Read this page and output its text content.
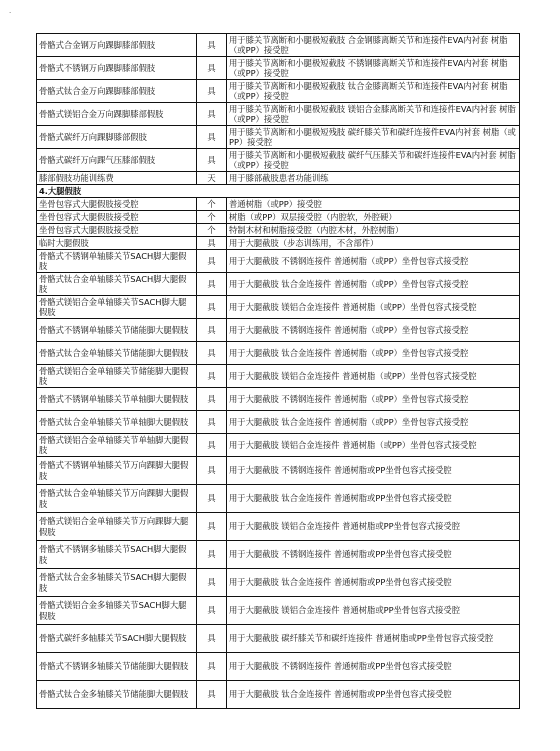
·
骨骼式合金钢万向踝脚膝部假肢	具	用于膝关节离断和小腿极短截肢 合金钢膝离断关节和连接件EVA内衬套 树脂（或PP）接受腔
骨骼式不锈钢万向踝脚膝部假肢	具	用于膝关节离断和小腿极短截肢 不锈钢膝离断关节和连接件EVA内衬套 树脂（或PP）接受腔
骨骼式钛合金万向踝脚膝部假肢	具	用于膝关节离断和小腿极短截肢 钛合金膝离断关节和连接件EVA内衬套 树脂（或PP）接受腔
骨骼式镁铝合金万向踝脚膝部假肢	具	用于膝关节离断和小腿极短截肢 镁铝合金膝离断关节和连接件EVA内衬套 树脂（或PP）接受腔
骨骼式碳纤万向踝脚膝部假肢	具	用于膝关节离断和小腿极短残肢 碳纤膝关节和碳纤连接件EVA内衬套 树脂（或PP）接受腔
骨骼式碳纤万向踝气压膝部假肢	具	用于膝关节离断和小腿极短截肢 碳纤气压膝关节和碳纤连接件EVA内衬套 树脂（或PP）接受腔
膝部假肢功能训练费	天	用于膝部截肢患者功能训练
4.大腿假肢		
坐骨包容式大腿假肢接受腔	个	普通树脂（或PP）接受腔
坐骨包容式大腿假肢接受腔	个	树脂（或PP）双层接受腔（内腔软，外腔硬）
坐骨包容式大腿假肢接受腔	个	特制木材和树脂接受腔（内腔木材，外腔树脂）
临时大腿假肢	具	用于大腿截肢（步态训练用，不含部件）
骨骼式不锈钢单轴膝关节SACH脚大腿假肢	具	用于大腿截肢 不锈钢连接件 普通树脂（或PP）坐骨包容式接受腔
骨骼式钛合金单轴膝关节SACH脚大腿假肢	具	用于大腿截肢 钛合金连接件 普通树脂（或PP）坐骨包容式接受腔
骨骼式镁铝合金单轴膝关节SACH脚大腿假肢	具	用于大腿截肢 镁铝合金连接件 普通树脂（或PP）坐骨包容式接受腔
骨骼式不锈钢单轴膝关节储能脚大腿假肢	具	用于大腿截肢 不锈钢连接件 普通树脂（或PP）坐骨包容式接受腔
骨骼式钛合金单轴膝关节储能脚大腿假肢	具	用于大腿截肢 钛合金连接件 普通树脂（或PP）坐骨包容式接受腔
骨骼式镁铝合金单轴膝关节储能脚大腿假肢	具	用于大腿截肢 镁铝合金连接件 普通树脂（或PP）坐骨包容式接受腔
骨骼式不锈钢单轴膝关节单轴脚大腿假肢	具	用于大腿截肢 不锈钢连接件 普通树脂（或PP）坐骨包容式接受腔
骨骼式钛合金单轴膝关节单轴脚大腿假肢	具	用于大腿截肢 钛合金连接件 普通树脂（或PP）坐骨包容式接受腔
骨骼式镁铝合金单轴膝关节单轴脚大腿假肢	具	用于大腿截肢 镁铝合金连接件 普通树脂（或PP）坐骨包容式接受腔
骨骼式不锈钢单轴膝关节万向踝脚大腿假肢	具	用于大腿截肢 不锈钢连接件 普通树脂或PP坐骨包容式接受腔
骨骼式钛合金单轴膝关节万向踝脚大腿假肢	具	用于大腿截肢 钛合金连接件 普通树脂或PP坐骨包容式接受腔
骨骼式镁铝合金单轴膝关节万向踝脚大腿假肢	具	用于大腿截肢 镁铝合金连接件 普通树脂或PP坐骨包容式接受腔
骨骼式不锈钢多轴膝关节SACH脚大腿假肢	具	用于大腿截肢 不锈钢连接件 普通树脂或PP坐骨包容式接受腔
骨骼式钛合金多轴膝关节SACH脚大腿假肢	具	用于大腿截肢 钛合金连接件 普通树脂或PP坐骨包容式接受腔
骨骼式镁铝合金多轴膝关节SACH脚大腿假肢	具	用于大腿截肢 镁铝合金连接件 普通树脂或PP坐骨包容式接受腔
骨骼式碳纤多轴膝关节SACH脚大腿假肢	具	用于大腿截肢 碳纤膝关节和碳纤连接件 普通树脂或PP坐骨包容式接受腔
骨骼式不锈钢多轴膝关节储能脚大腿假肢	具	用于大腿截肢 不锈钢连接件 普通树脂或PP坐骨包容式接受腔
骨骼式钛合金多轴膝关节储能脚大腿假肢	具	用于大腿截肢 钛合金连接件 普通树脂或PP坐骨包容式接受腔
